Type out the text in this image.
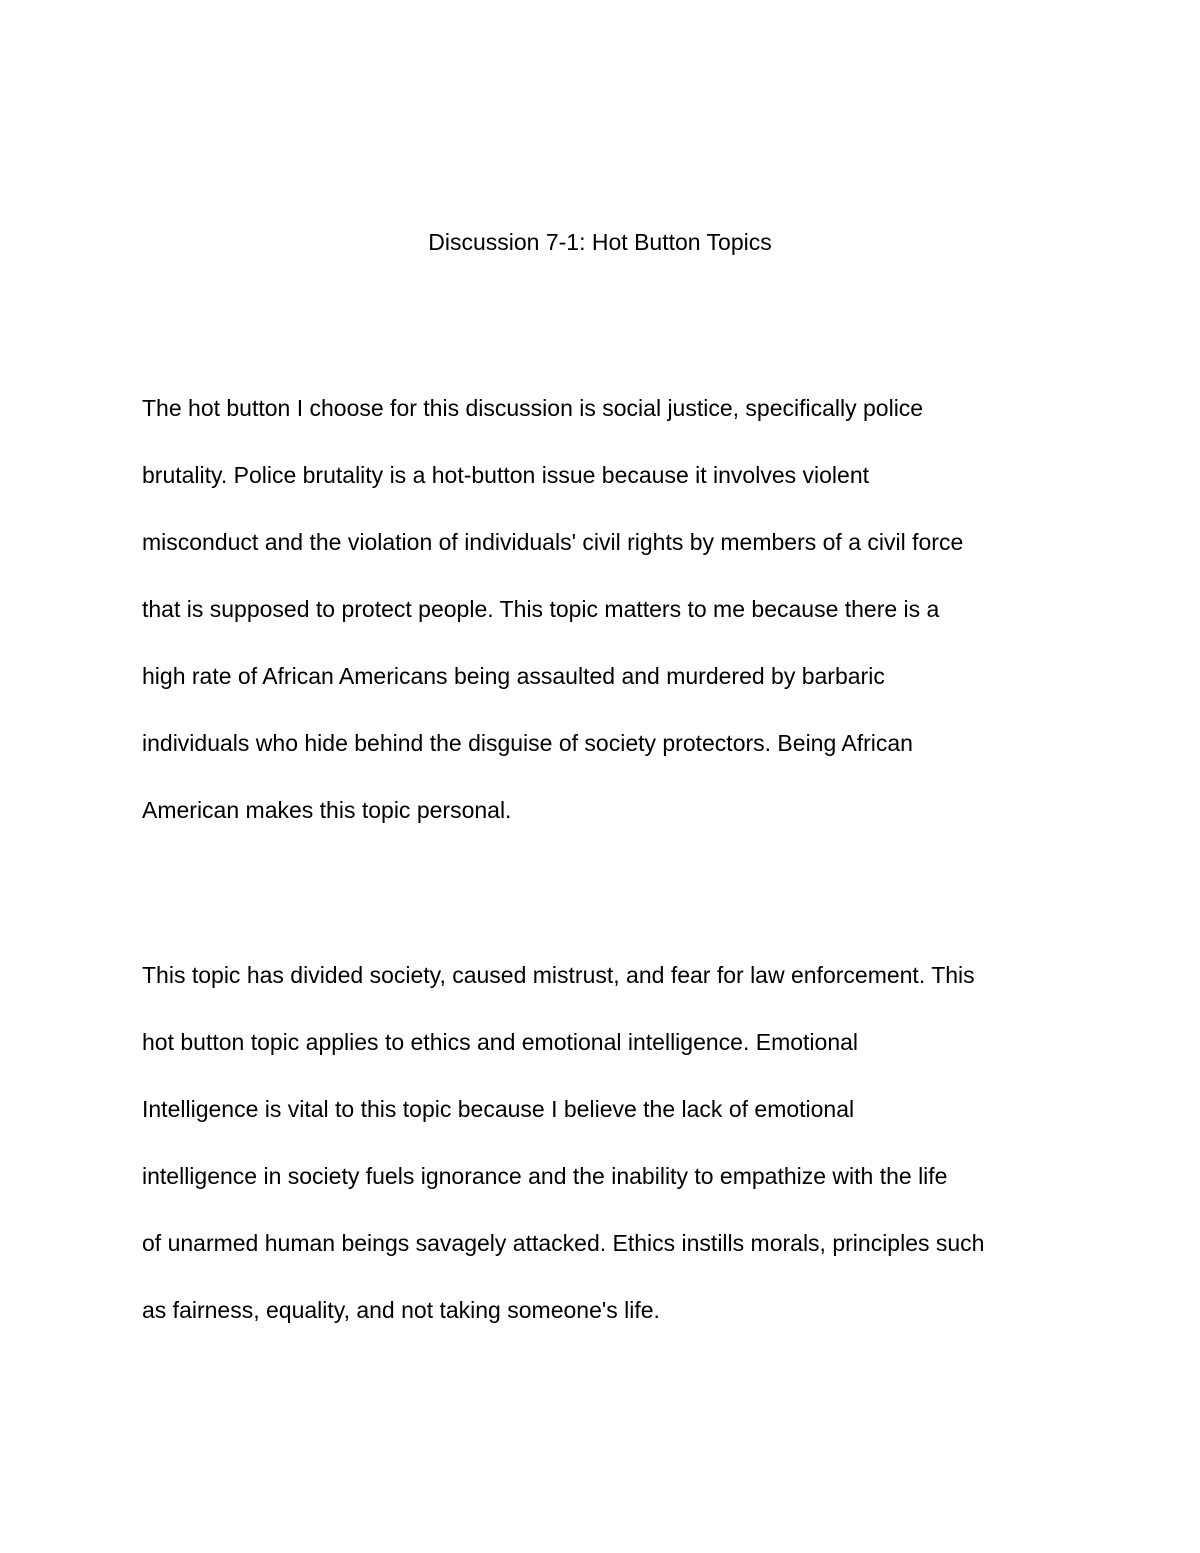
Discussion 7-1: Hot Button Topics

The hot button I choose for this discussion is social justice, specifically police

brutality. Police brutality is a hot-button issue because it involves violent

misconduct and the violation of individuals' civil rights by members of a civil force

that is supposed to protect people. This topic matters to me because there is a

high rate of African Americans being assaulted and murdered by barbaric

individuals who hide behind the disguise of society protectors. Being African

American makes this topic personal.

This topic has divided society, caused mistrust, and fear for law enforcement. This

hot button topic applies to ethics and emotional intelligence. Emotional

Intelligence is vital to this topic because I believe the lack of emotional

intelligence in society fuels ignorance and the inability to empathize with the life

of unarmed human beings savagely attacked. Ethics instills morals, principles such

as fairness, equality, and not taking someone's life.
